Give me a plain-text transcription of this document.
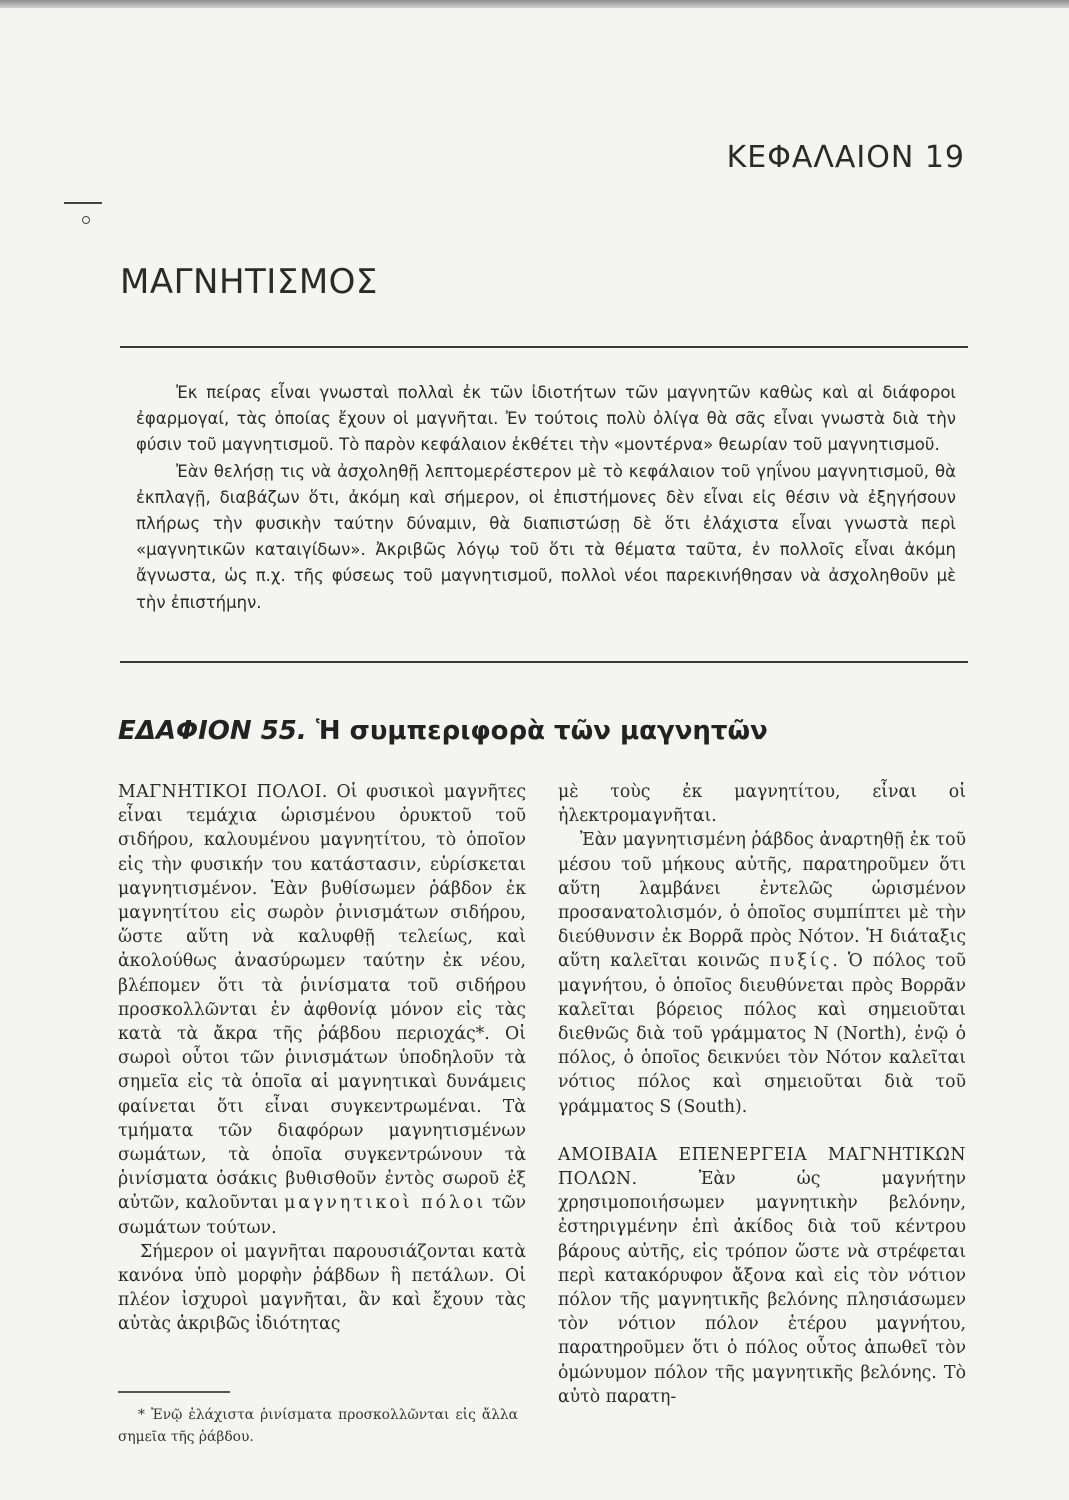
ΚΕΦΑΛΑΙΟΝ 19
ΜΑΓΝΗΤΙΣΜΟΣ

Ἐκ πείρας εἶναι γνωσταὶ πολλαὶ ἐκ τῶν ἰδιοτήτων τῶν μαγνητῶν καθὼς καὶ αἱ διάφοροι ἐφαρμογαί, τὰς ὁποίας ἔχουν οἱ μαγνῆται. Ἐν τούτοις πολὺ ὀλίγα θὰ σᾶς εἶναι γνωστὰ διὰ τὴν φύσιν τοῦ μαγνητισμοῦ. Τὸ παρὸν κεφάλαιον ἐκθέτει τὴν «μοντέρνα» θεωρίαν τοῦ μαγνητισμοῦ.

Ἐὰν θελήσῃ τις νὰ ἀσχοληθῇ λεπτομερέστερον μὲ τὸ κεφάλαιον τοῦ γηΐνου μαγνητισμοῦ, θὰ ἐκπλαγῇ, διαβάζων ὅτι, ἀκόμη καὶ σήμερον, οἱ ἐπιστήμονες δὲν εἶναι εἰς θέσιν νὰ ἐξηγήσουν πλήρως τὴν φυσικὴν ταύτην δύναμιν, θὰ διαπιστώσῃ δὲ ὅτι ἐλάχιστα εἶναι γνωστὰ περὶ «μαγνητικῶν καταιγίδων». Ἀκριβῶς λόγῳ τοῦ ὅτι τὰ θέματα ταῦτα, ἐν πολλοῖς εἶναι ἀκόμη ἄγνωστα, ὡς π.χ. τῆς φύσεως τοῦ μαγνητισμοῦ, πολλοὶ νέοι παρεκινήθησαν νὰ ἀσχοληθοῦν μὲ τὴν ἐπιστήμην.

ΕΔΑΦΙΟΝ 55. Ἡ συμπεριφορὰ τῶν μαγνητῶν

ΜΑΓΝΗΤΙΚΟΙ ΠΟΛΟΙ. Οἱ φυσικοὶ μαγνῆτες εἶναι τεμάχια ὡρισμένου ὀρυκτοῦ τοῦ σιδήρου, καλουμένου μαγνητίτου, τὸ ὁποῖον εἰς τὴν φυσικήν του κατάστασιν, εὑρίσκεται μαγνητισμένον. Ἐὰν βυθίσωμεν ῥάβδον ἐκ μαγνητίτου εἰς σωρὸν ῥινισμάτων σιδήρου, ὥστε αὕτη νὰ καλυφθῇ τελείως, καὶ ἀκολούθως ἀνασύρωμεν ταύτην ἐκ νέου, βλέπομεν ὅτι τὰ ῥινίσματα τοῦ σιδήρου προσκολλῶνται ἐν ἀφθονίᾳ μόνον εἰς τὰς κατὰ τὰ ἄκρα τῆς ῥάβδου περιοχάς*. Οἱ σωροὶ οὗτοι τῶν ῥινισμάτων ὑποδηλοῦν τὰ σημεῖα εἰς τὰ ὁποῖα αἱ μαγνητικαὶ δυνάμεις φαίνεται ὅτι εἶναι συγκεντρωμέναι. Τὰ τμήματα τῶν διαφόρων μαγνητισμένων σωμάτων, τὰ ὁποῖα συγκεντρώνουν τὰ ῥινίσματα ὁσάκις βυθισθοῦν ἐντὸς σωροῦ ἐξ αὐτῶν, καλοῦνται μαγνητικοὶ πόλοι τῶν σωμάτων τούτων.

Σήμερον οἱ μαγνῆται παρουσιάζονται κατὰ κανόνα ὑπὸ μορφὴν ῥάβδων ἢ πετάλων. Οἱ πλέον ἰσχυροὶ μαγνῆται, ἂν καὶ ἔχουν τὰς αὐτὰς ἀκριβῶς ἰδιότητας

μὲ τοὺς ἐκ μαγνητίτου, εἶναι οἱ ἠλεκτρομαγνῆται.

Ἐὰν μαγνητισμένη ῥάβδος ἀναρτηθῇ ἐκ τοῦ μέσου τοῦ μήκους αὐτῆς, παρατηροῦμεν ὅτι αὕτη λαμβάνει ἐντελῶς ὡρισμένον προσανατολισμόν, ὁ ὁποῖος συμπίπτει μὲ τὴν διεύθυνσιν ἐκ Βορρᾶ πρὸς Νότον. Ἡ διάταξις αὕτη καλεῖται κοινῶς πυξίς. Ὁ πόλος τοῦ μαγνήτου, ὁ ὁποῖος διευθύνεται πρὸς Βορρᾶν καλεῖται βόρειος πόλος καὶ σημειοῦται διεθνῶς διὰ τοῦ γράμματος N (North), ἐνῷ ὁ πόλος, ὁ ὁποῖος δεικνύει τὸν Νότον καλεῖται νότιος πόλος καὶ σημειοῦται διὰ τοῦ γράμματος S (South).

ΑΜΟΙΒΑΙΑ ΕΠΕΝΕΡΓΕΙΑ ΜΑΓΝΗΤΙΚΩΝ ΠΟΛΩΝ.	Ἐὰν ὡς μαγνήτην χρησιμοποιήσωμεν μαγνητικὴν βελόνην, ἐστηριγμένην ἐπὶ ἀκίδος διὰ τοῦ κέντρου βάρους αὐτῆς, εἰς τρόπον ὥστε νὰ στρέφεται περὶ κατακόρυφον ἄξονα καὶ εἰς τὸν νότιον πόλον τῆς μαγνητικῆς βελόνης πλησιάσωμεν τὸν νότιον πόλον ἑτέρου μαγνήτου, παρατηροῦμεν ὅτι ὁ πόλος οὗτος ἀπωθεῖ τὸν ὁμώνυμον πόλον τῆς μαγνητικῆς βελόνης. Τὸ αὐτὸ παρατη-

* Ἐνῷ ἐλάχιστα ῥινίσματα προσκολλῶνται εἰς ἄλλα σημεῖα τῆς ῥάβδου.
